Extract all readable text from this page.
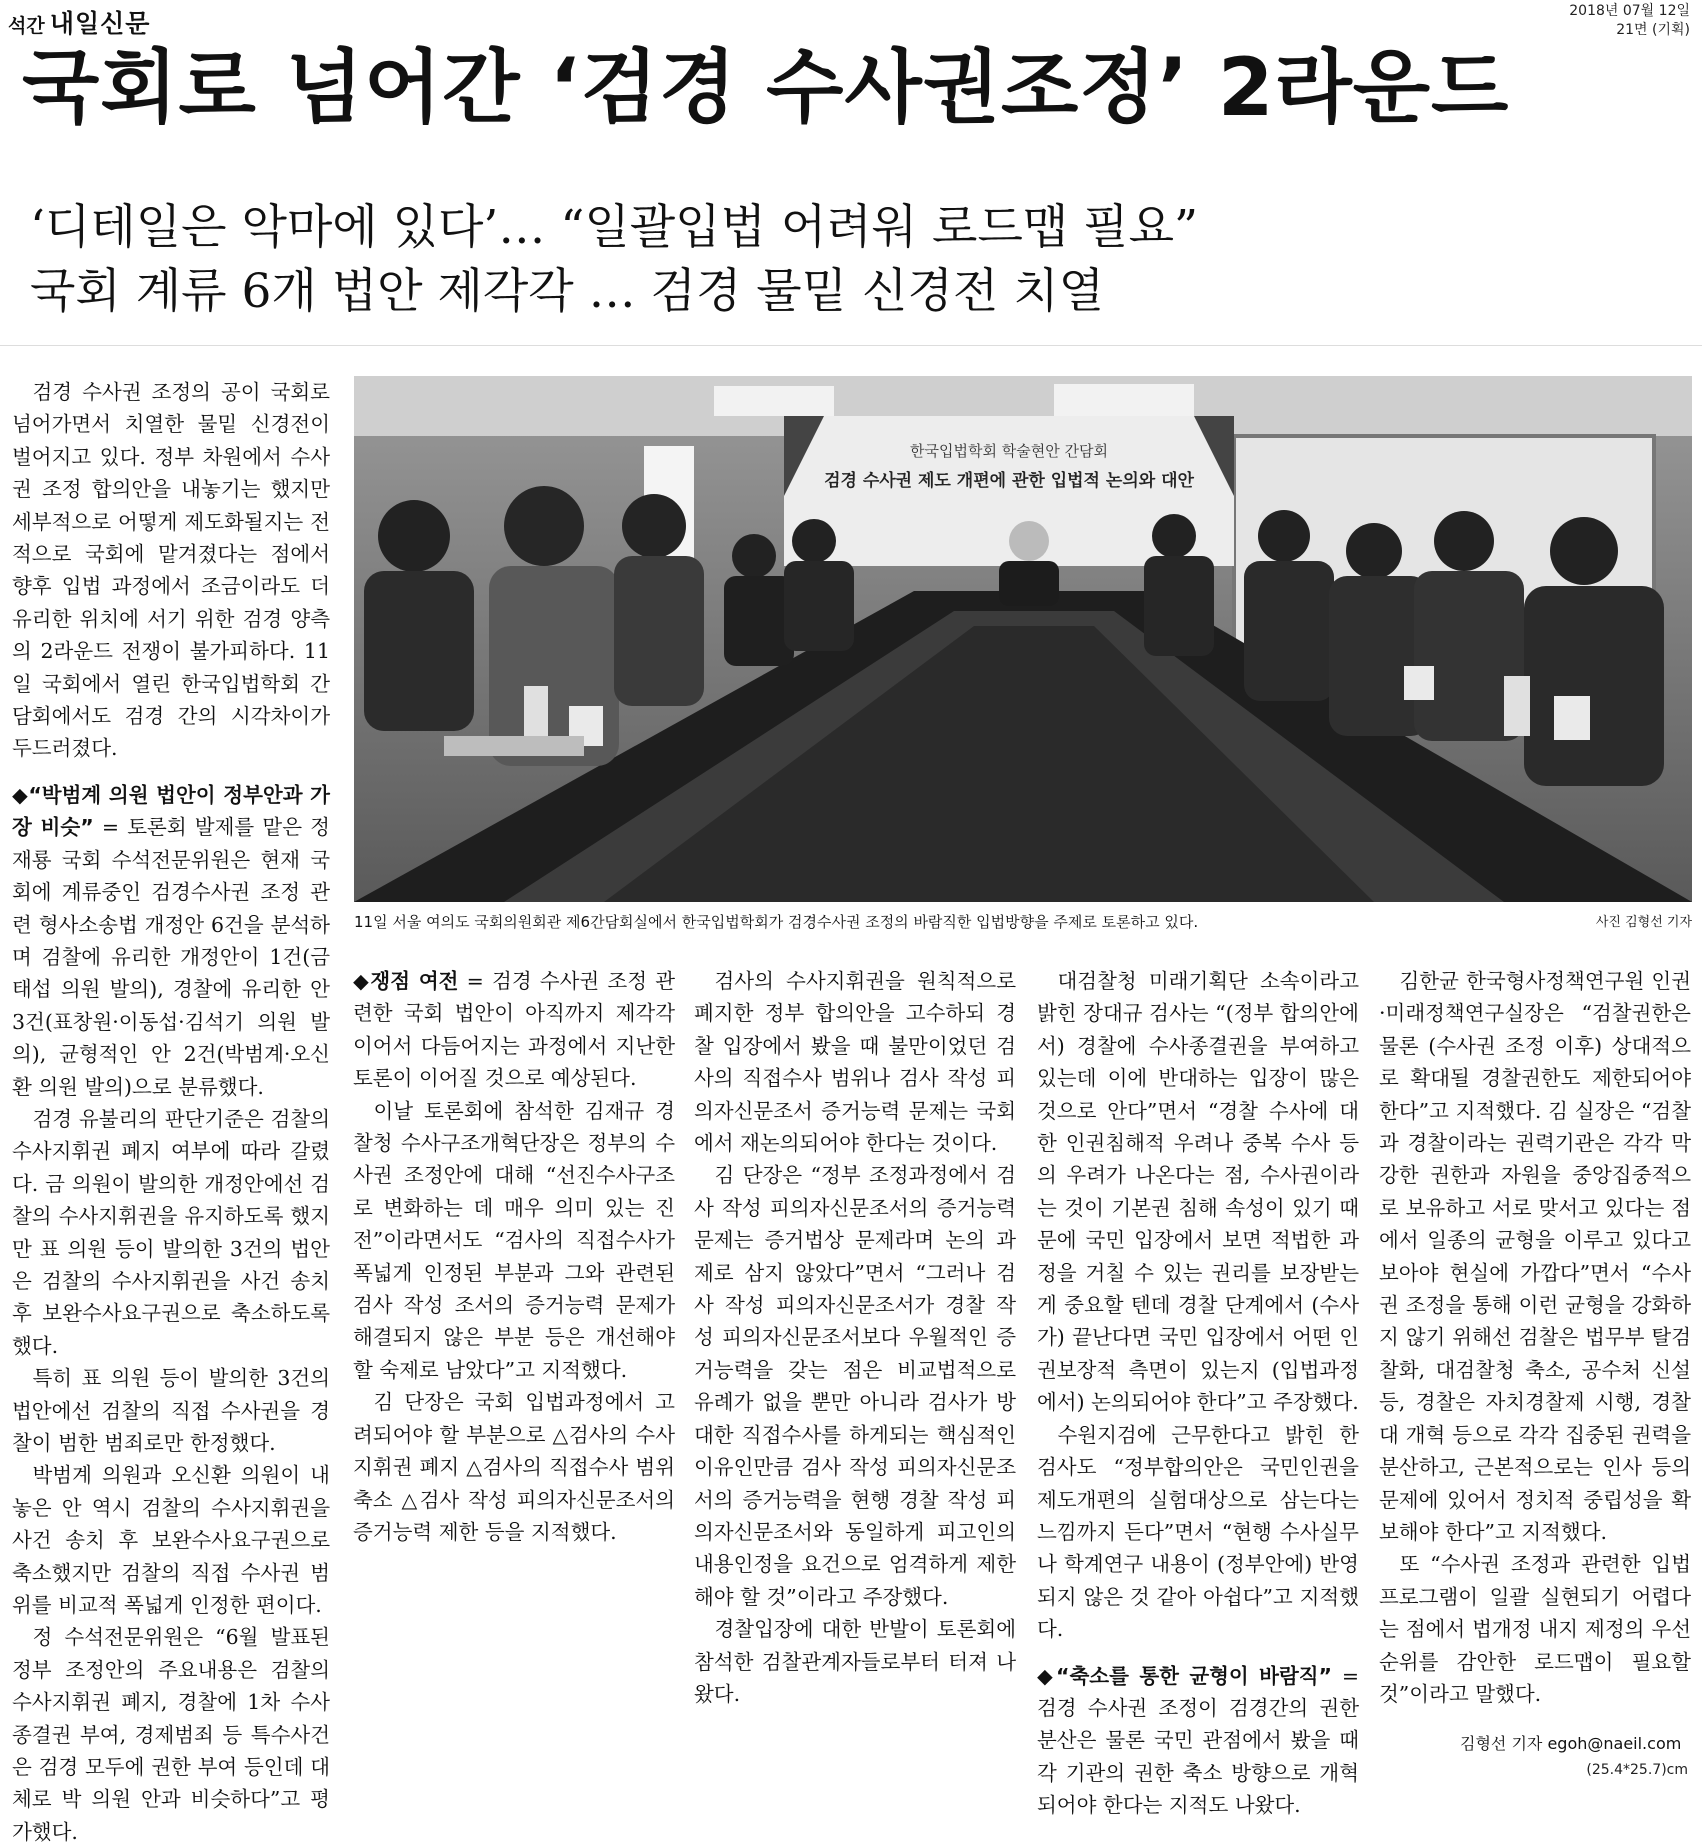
석간 내일신문	2018년 07월 12일
21면 (기획)
국회로 넘어간 ‘검경 수사권조정’ 2라운드
‘디테일은 악마에 있다’… “일괄입법 어려워 로드맵 필요”
국회 계류 6개 법안 제각각 … 검경 물밑 신경전 치열

검경 수사권 조정의 공이 국회로 넘어가면서 치열한 물밑 신경전이 벌어지고 있다. 정부 차원에서 수사권 조정 합의안을 내놓기는 했지만 세부적으로 어떻게 제도화될지는 전적으로 국회에 맡겨졌다는 점에서 향후 입법 과정에서 조금이라도 더 유리한 위치에 서기 위한 검경 양측의 2라운드 전쟁이 불가피하다. 11일 국회에서 열린 한국입법학회 간담회에서도 검경 간의 시각차이가 두드러졌다.

◆“박범계 의원 법안이 정부안과 가장 비슷” = 토론회 발제를 맡은 정재룡 국회 수석전문위원은 현재 국회에 계류중인 검경수사권 조정 관련 형사소송법 개정안 6건을 분석하며 검찰에 유리한 개정안이 1건(금태섭 의원 발의), 경찰에 유리한 안 3건(표창원·이동섭·김석기 의원 발의), 균형적인 안 2건(박범계·오신환 의원 발의)으로 분류했다.

검경 유불리의 판단기준은 검찰의 수사지휘권 폐지 여부에 따라 갈렸다. 금 의원이 발의한 개정안에선 검찰의 수사지휘권을 유지하도록 했지만 표 의원 등이 발의한 3건의 법안은 검찰의 수사지휘권을 사건 송치 후 보완수사요구권으로 축소하도록 했다.

특히 표 의원 등이 발의한 3건의 법안에선 검찰의 직접 수사권을 경찰이 범한 범죄로만 한정했다.

박범계 의원과 오신환 의원이 내놓은 안 역시 검찰의 수사지휘권을 사건 송치 후 보완수사요구권으로 축소했지만 검찰의 직접 수사권 범위를 비교적 폭넓게 인정한 편이다.

정 수석전문위원은 “6월 발표된 정부 조정안의 주요내용은 검찰의 수사지휘권 폐지, 경찰에 1차 수사종결권 부여, 경제범죄 등 특수사건은 검경 모두에 권한 부여 등인데 대체로 박 의원 안과 비슷하다”고 평가했다.

한국입법학회 학술현안 간담회
검경 수사권 제도 개편에 관한 입법적 논의와 대안
11일 서울 여의도 국회의원회관 제6간담회실에서 한국입법학회가 검경수사권 조정의 바람직한 입법방향을 주제로 토론하고 있다.	사진 김형선 기자

◆쟁점 여전 = 검경 수사권 조정 관련한 국회 법안이 아직까지 제각각이어서 다듬어지는 과정에서 지난한 토론이 이어질 것으로 예상된다.

이날 토론회에 참석한 김재규 경찰청 수사구조개혁단장은 정부의 수사권 조정안에 대해 “선진수사구조로 변화하는 데 매우 의미 있는 진전”이라면서도 “검사의 직접수사가 폭넓게 인정된 부분과 그와 관련된 검사 작성 조서의 증거능력 문제가 해결되지 않은 부분 등은 개선해야 할 숙제로 남았다”고 지적했다.

김 단장은 국회 입법과정에서 고려되어야 할 부분으로 △검사의 수사지휘권 폐지 △검사의 직접수사 범위 축소 △검사 작성 피의자신문조서의 증거능력 제한 등을 지적했다.

검사의 수사지휘권을 원칙적으로 폐지한 정부 합의안을 고수하되 경찰 입장에서 봤을 때 불만이었던 검사의 직접수사 범위나 검사 작성 피의자신문조서 증거능력 문제는 국회에서 재논의되어야 한다는 것이다.

김 단장은 “정부 조정과정에서 검사 작성 피의자신문조서의 증거능력 문제는 증거법상 문제라며 논의 과제로 삼지 않았다”면서 “그러나 검사 작성 피의자신문조서가 경찰 작성 피의자신문조서보다 우월적인 증거능력을 갖는 점은 비교법적으로 유례가 없을 뿐만 아니라 검사가 방대한 직접수사를 하게되는 핵심적인 이유인만큼 검사 작성 피의자신문조서의 증거능력을 현행 경찰 작성 피의자신문조서와 동일하게 피고인의 내용인정을 요건으로 엄격하게 제한해야 할 것”이라고 주장했다.

경찰입장에 대한 반발이 토론회에 참석한 검찰관계자들로부터 터져 나왔다.

대검찰청 미래기획단 소속이라고 밝힌 장대규 검사는 “(정부 합의안에서) 경찰에 수사종결권을 부여하고 있는데 이에 반대하는 입장이 많은 것으로 안다”면서 “경찰 수사에 대한 인권침해적 우려나 중복 수사 등의 우려가 나온다는 점, 수사권이라는 것이 기본권 침해 속성이 있기 때문에 국민 입장에서 보면 적법한 과정을 거칠 수 있는 권리를 보장받는 게 중요할 텐데 경찰 단계에서 (수사가) 끝난다면 국민 입장에서 어떤 인권보장적 측면이 있는지 (입법과정에서) 논의되어야 한다”고 주장했다.

수원지검에 근무한다고 밝힌 한 검사도 “정부합의안은 국민인권을 제도개편의 실험대상으로 삼는다는 느낌까지 든다”면서 “현행 수사실무나 학계연구 내용이 (정부안에) 반영되지 않은 것 같아 아쉽다”고 지적했다.

◆“축소를 통한 균형이 바람직” = 검경 수사권 조정이 검경간의 권한 분산은 물론 국민 관점에서 봤을 때 각 기관의 권한 축소 방향으로 개혁되어야 한다는 지적도 나왔다.

김한균 한국형사정책연구원 인권·미래정책연구실장은 “검찰권한은 물론 (수사권 조정 이후) 상대적으로 확대될 경찰권한도 제한되어야 한다”고 지적했다. 김 실장은 “검찰과 경찰이라는 권력기관은 각각 막강한 권한과 자원을 중앙집중적으로 보유하고 서로 맞서고 있다는 점에서 일종의 균형을 이루고 있다고 보아야 현실에 가깝다”면서 “수사권 조정을 통해 이런 균형을 강화하지 않기 위해선 검찰은 법무부 탈검찰화, 대검찰청 축소, 공수처 신설 등, 경찰은 자치경찰제 시행, 경찰대 개혁 등으로 각각 집중된 권력을 분산하고, 근본적으로는 인사 등의 문제에 있어서 정치적 중립성을 확보해야 한다”고 지적했다.

또 “수사권 조정과 관련한 입법프로그램이 일괄 실현되기 어렵다는 점에서 법개정 내지 제정의 우선순위를 감안한 로드맵이 필요할 것”이라고 말했다.

김형선 기자 egoh@naeil.com
(25.4*25.7)cm
